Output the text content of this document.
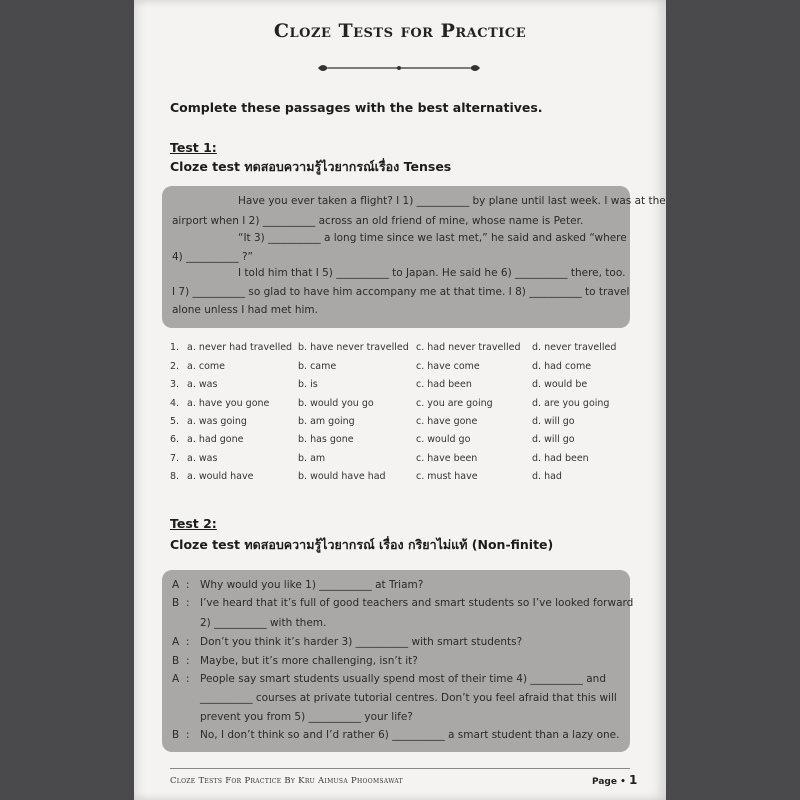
Cloze Tests for Practice
Complete these passages with the best alternatives.
Test 1:
Cloze test ทดสอบความรู้ไวยากรณ์เรื่อง Tenses
Have you ever taken a flight? I 1) __________ by plane until last week. I was at the
airport when I 2) __________ across an old friend of mine, whose name is Peter.
“It 3) __________ a long time since we last met,” he said and asked “where
4) __________ ?”
I told him that I 5) __________ to Japan. He said he 6) __________ there, too.
I 7) __________ so glad to have him accompany me at that time. I 8) __________ to travel
alone unless I had met him.
1. a. never had travelled b. have never travelled c. had never travelled d. never travelled
2. a. come	b. came	c. have come	d. had come
3. a. was	b. is	c. had been	d. would be
4. a. have you gone	b. would you go	c. you are going	d. are you going
5. a. was going	b. am going	c. have gone	d. will go
6. a. had gone	b. has gone	c. would go	d. will go
7. a. was	b. am	c. have been	d. had been
8. a. would have	b. would have had	c. must have	d. had
Test 2:
Cloze test ทดสอบความรู้ไวยากรณ์ เรื่อง กริยาไม่แท้ (Non-finite)
A : Why would you like 1) __________ at Triam?
B : I’ve heard that it’s full of good teachers and smart students so I’ve looked forward
2) __________ with them.
A : Don’t you think it’s harder 3) __________ with smart students?
B : Maybe, but it’s more challenging, isn’t it?
A : People say smart students usually spend most of their time 4) __________ and
__________ courses at private tutorial centres. Don’t you feel afraid that this will
prevent you from 5) __________ your life?
B : No, I don’t think so and I’d rather 6) __________ a smart student than a lazy one.
Cloze Tests For Practice By Kru Aimusa Phoomsawat	Page • 1
